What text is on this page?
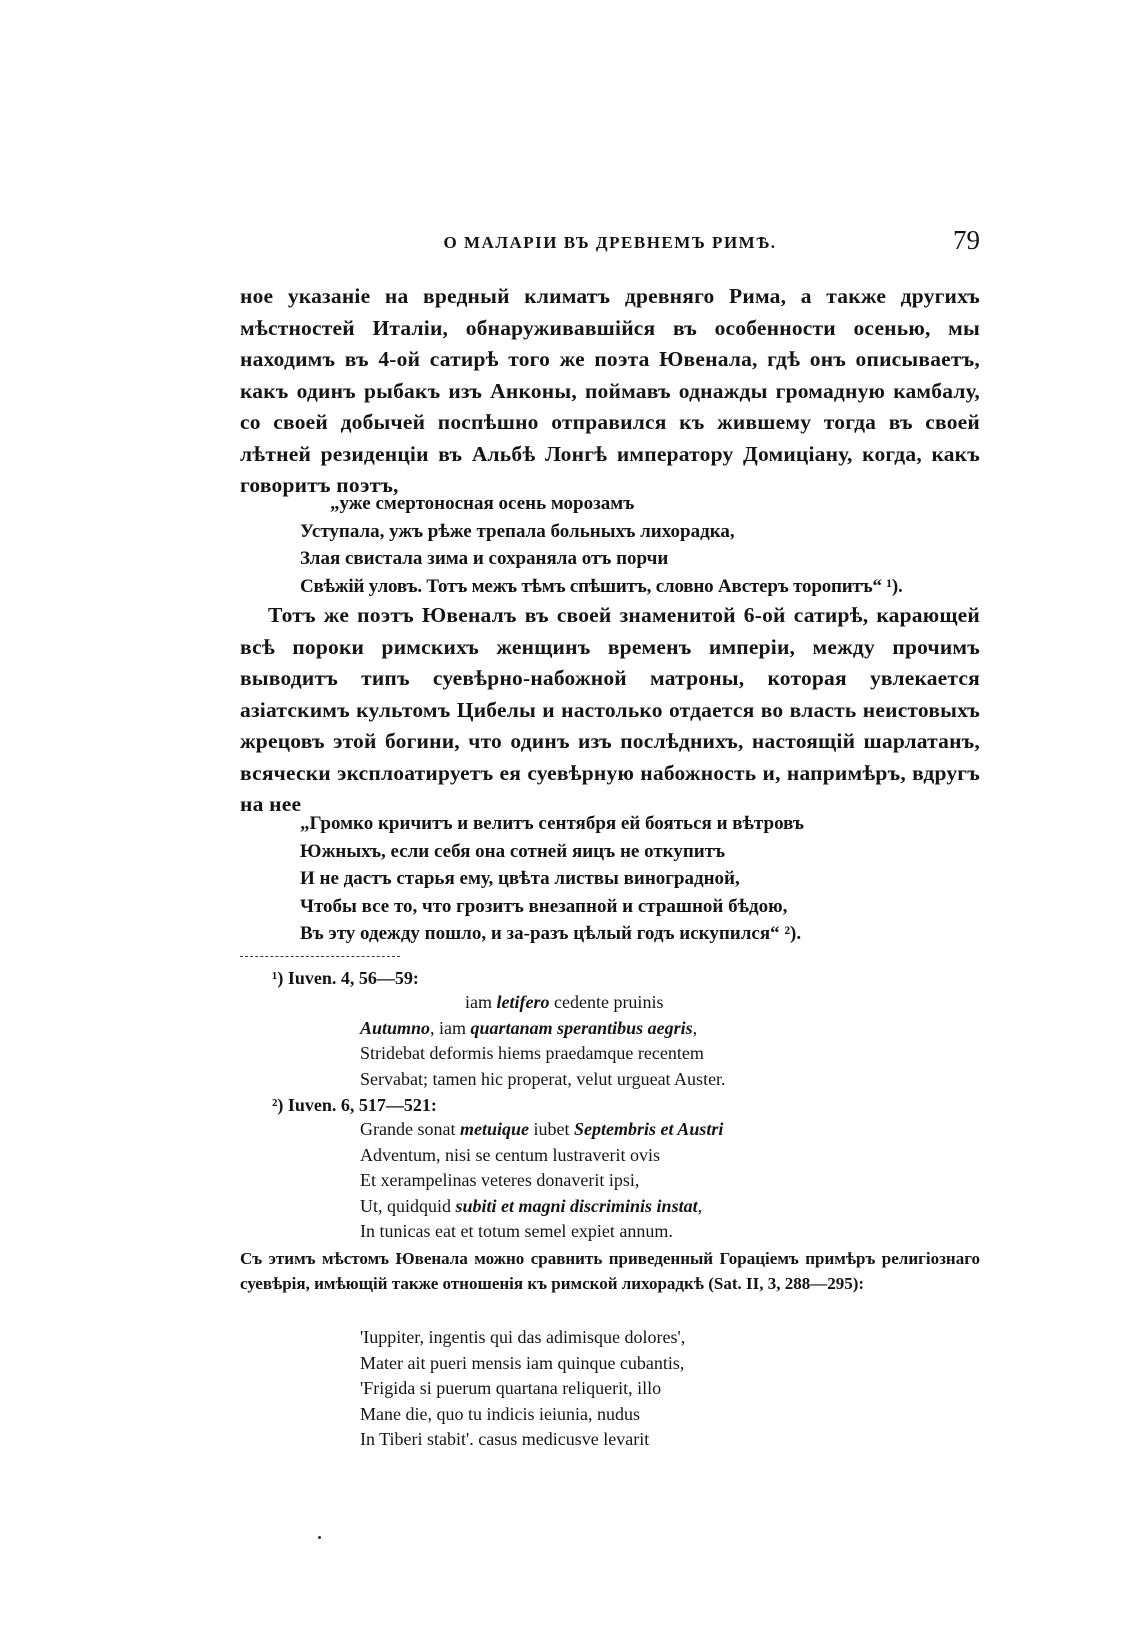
О МАЛАРІИ ВЪ ДРЕВНЕМЪ РИМѢ.	79
ное указаніе на вредный климатъ древняго Рима, а также другихъ мѣстностей Италіи, обнаруживавшійся въ особенности осенью, мы находимъ въ 4-ой сатирѣ того же поэта Ювенала, гдѣ онъ описываетъ, какъ одинъ рыбакъ изъ Анконы, поймавъ однажды громадную камбалу, со своей добычей поспѣшно отправился къ жившему тогда въ своей лѣтней резиденціи въ Альбѣ Лонгѣ императору Домиціану, когда, какъ говоритъ поэтъ,
„уже смертоносная осень морозамъ
Уступала, ужъ рѣже трепала больныхъ лихорадка,
Злая свистала зима и сохраняла отъ порчи
Свѣжій уловъ. Тотъ межъ тѣмъ спѣшитъ, словно Австеръ торопитъ“ ¹).
Тотъ же поэтъ Ювеналъ въ своей знаменитой 6-ой сатирѣ, карающей всѣ пороки римскихъ женщинъ временъ имперіи, между прочимъ выводитъ типъ суевѣрно-набожной матроны, которая увлекается азіатскимъ культомъ Цибелы и настолько отдается во власть неистовыхъ жрецовъ этой богини, что одинъ изъ послѣднихъ, настоящій шарлатанъ, всячески эксплоатируетъ ея суевѣрную набожность и, напримѣръ, вдругъ на нее
„Громко кричитъ и велитъ сентября ей бояться и вѣтровъ
Южныхъ, если себя она сотней яицъ не откупитъ
И не дастъ старья ему, цвѣта листвы виноградной,
Чтобы все то, что грозитъ внезапной и страшной бѣдою,
Въ эту одежду пошло, и за-разъ цѣлый годъ искупился“ ²).
¹) Iuven. 4, 56—59:
iam letifero cedente pruinis
Autumno, iam quartanam sperantibus aegris,
Stridebat deformis hiems praedamque recentem
Servabat; tamen hic properat, velut urgueat Auster.
²) Iuven. 6, 517—521:
Grande sonat metuique iubet Septembris et Austri
Adventum, nisi se centum lustraverit ovis
Et xerampelinas veteres donaverit ipsi,
Ut, quidquid subiti et magni discriminis instat,
In tunicas eat et totum semel expiet annum.
Съ этимъ мѣстомъ Ювенала можно сравнить приведенный Гораціемъ примѣръ религіознаго суевѣрія, имѣющій также отношенія къ римской лихорадкѣ (Sat. II, 3, 288—295):
'Iuppiter, ingentis qui das adimisque dolores',
Mater ait pueri mensis iam quinque cubantis,
'Frigida si puerum quartana reliquerit, illo
Mane die, quo tu indicis ieiunia, nudus
In Tiberi stabit'. casus medicusve levarit
